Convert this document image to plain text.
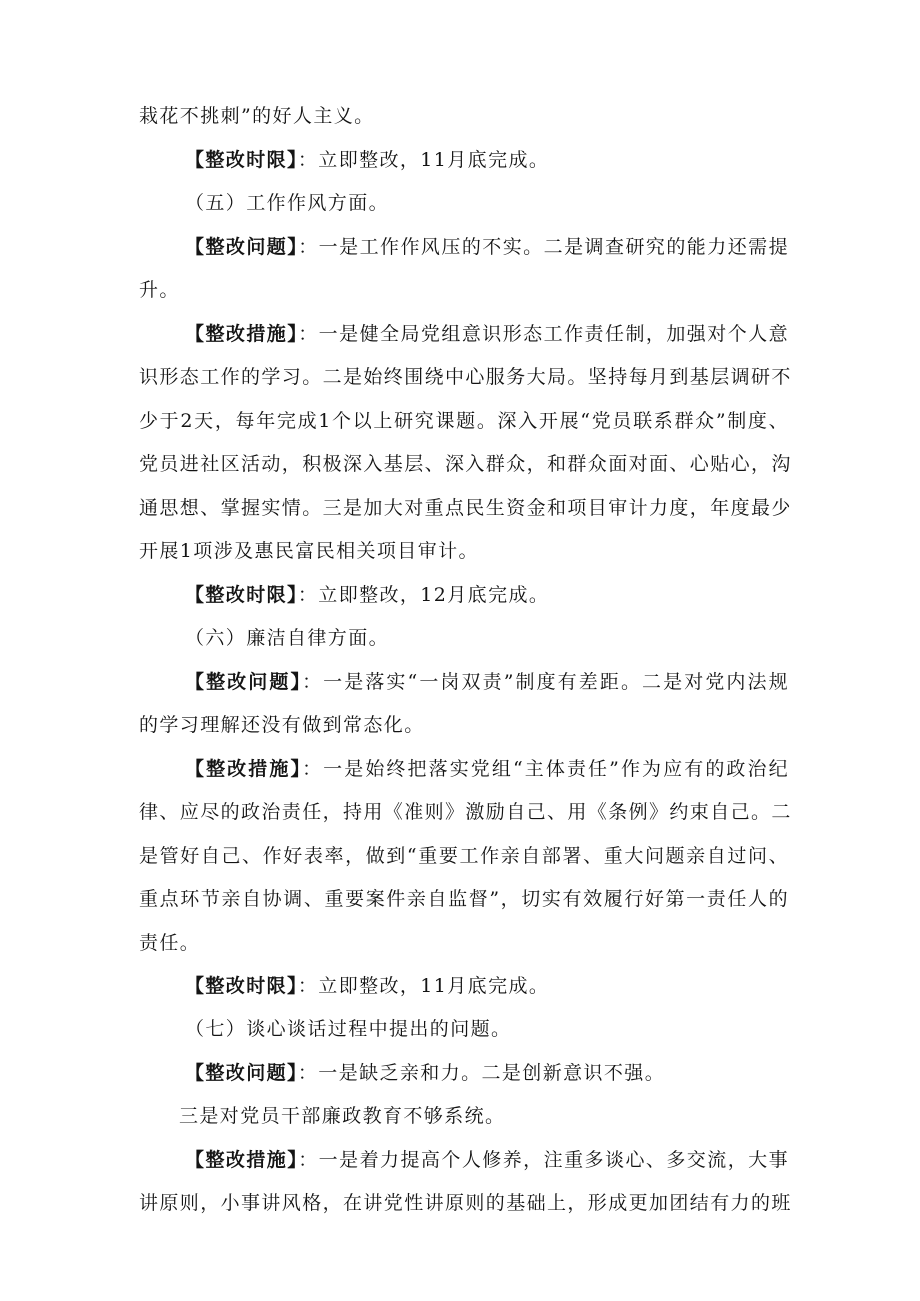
栽花不挑刺”的好人主义。
【整改时限】：立即整改，11月底完成。
（五）工作作风方面。
【整改问题】：一是工作作风压的不实。二是调查研究的能力还需提
升。
【整改措施】：一是健全局党组意识形态工作责任制，加强对个人意
识形态工作的学习。二是始终围绕中心服务大局。坚持每月到基层调研不
少于2天，每年完成1个以上研究课题。深入开展“党员联系群众”制度、
党员进社区活动，积极深入基层、深入群众，和群众面对面、心贴心，沟
通思想、掌握实情。三是加大对重点民生资金和项目审计力度，年度最少
开展1项涉及惠民富民相关项目审计。
【整改时限】：立即整改，12月底完成。
（六）廉洁自律方面。
【整改问题】：一是落实“一岗双责”制度有差距。二是对党内法规
的学习理解还没有做到常态化。
【整改措施】：一是始终把落实党组“主体责任”作为应有的政治纪
律、应尽的政治责任，持用《准则》激励自己、用《条例》约束自己。二
是管好自己、作好表率，做到“重要工作亲自部署、重大问题亲自过问、
重点环节亲自协调、重要案件亲自监督”，切实有效履行好第一责任人的
责任。
【整改时限】：立即整改，11月底完成。
（七）谈心谈话过程中提出的问题。
【整改问题】：一是缺乏亲和力。二是创新意识不强。
三是对党员干部廉政教育不够系统。
【整改措施】：一是着力提高个人修养，注重多谈心、多交流，大事
讲原则，小事讲风格，在讲党性讲原则的基础上，形成更加团结有力的班
